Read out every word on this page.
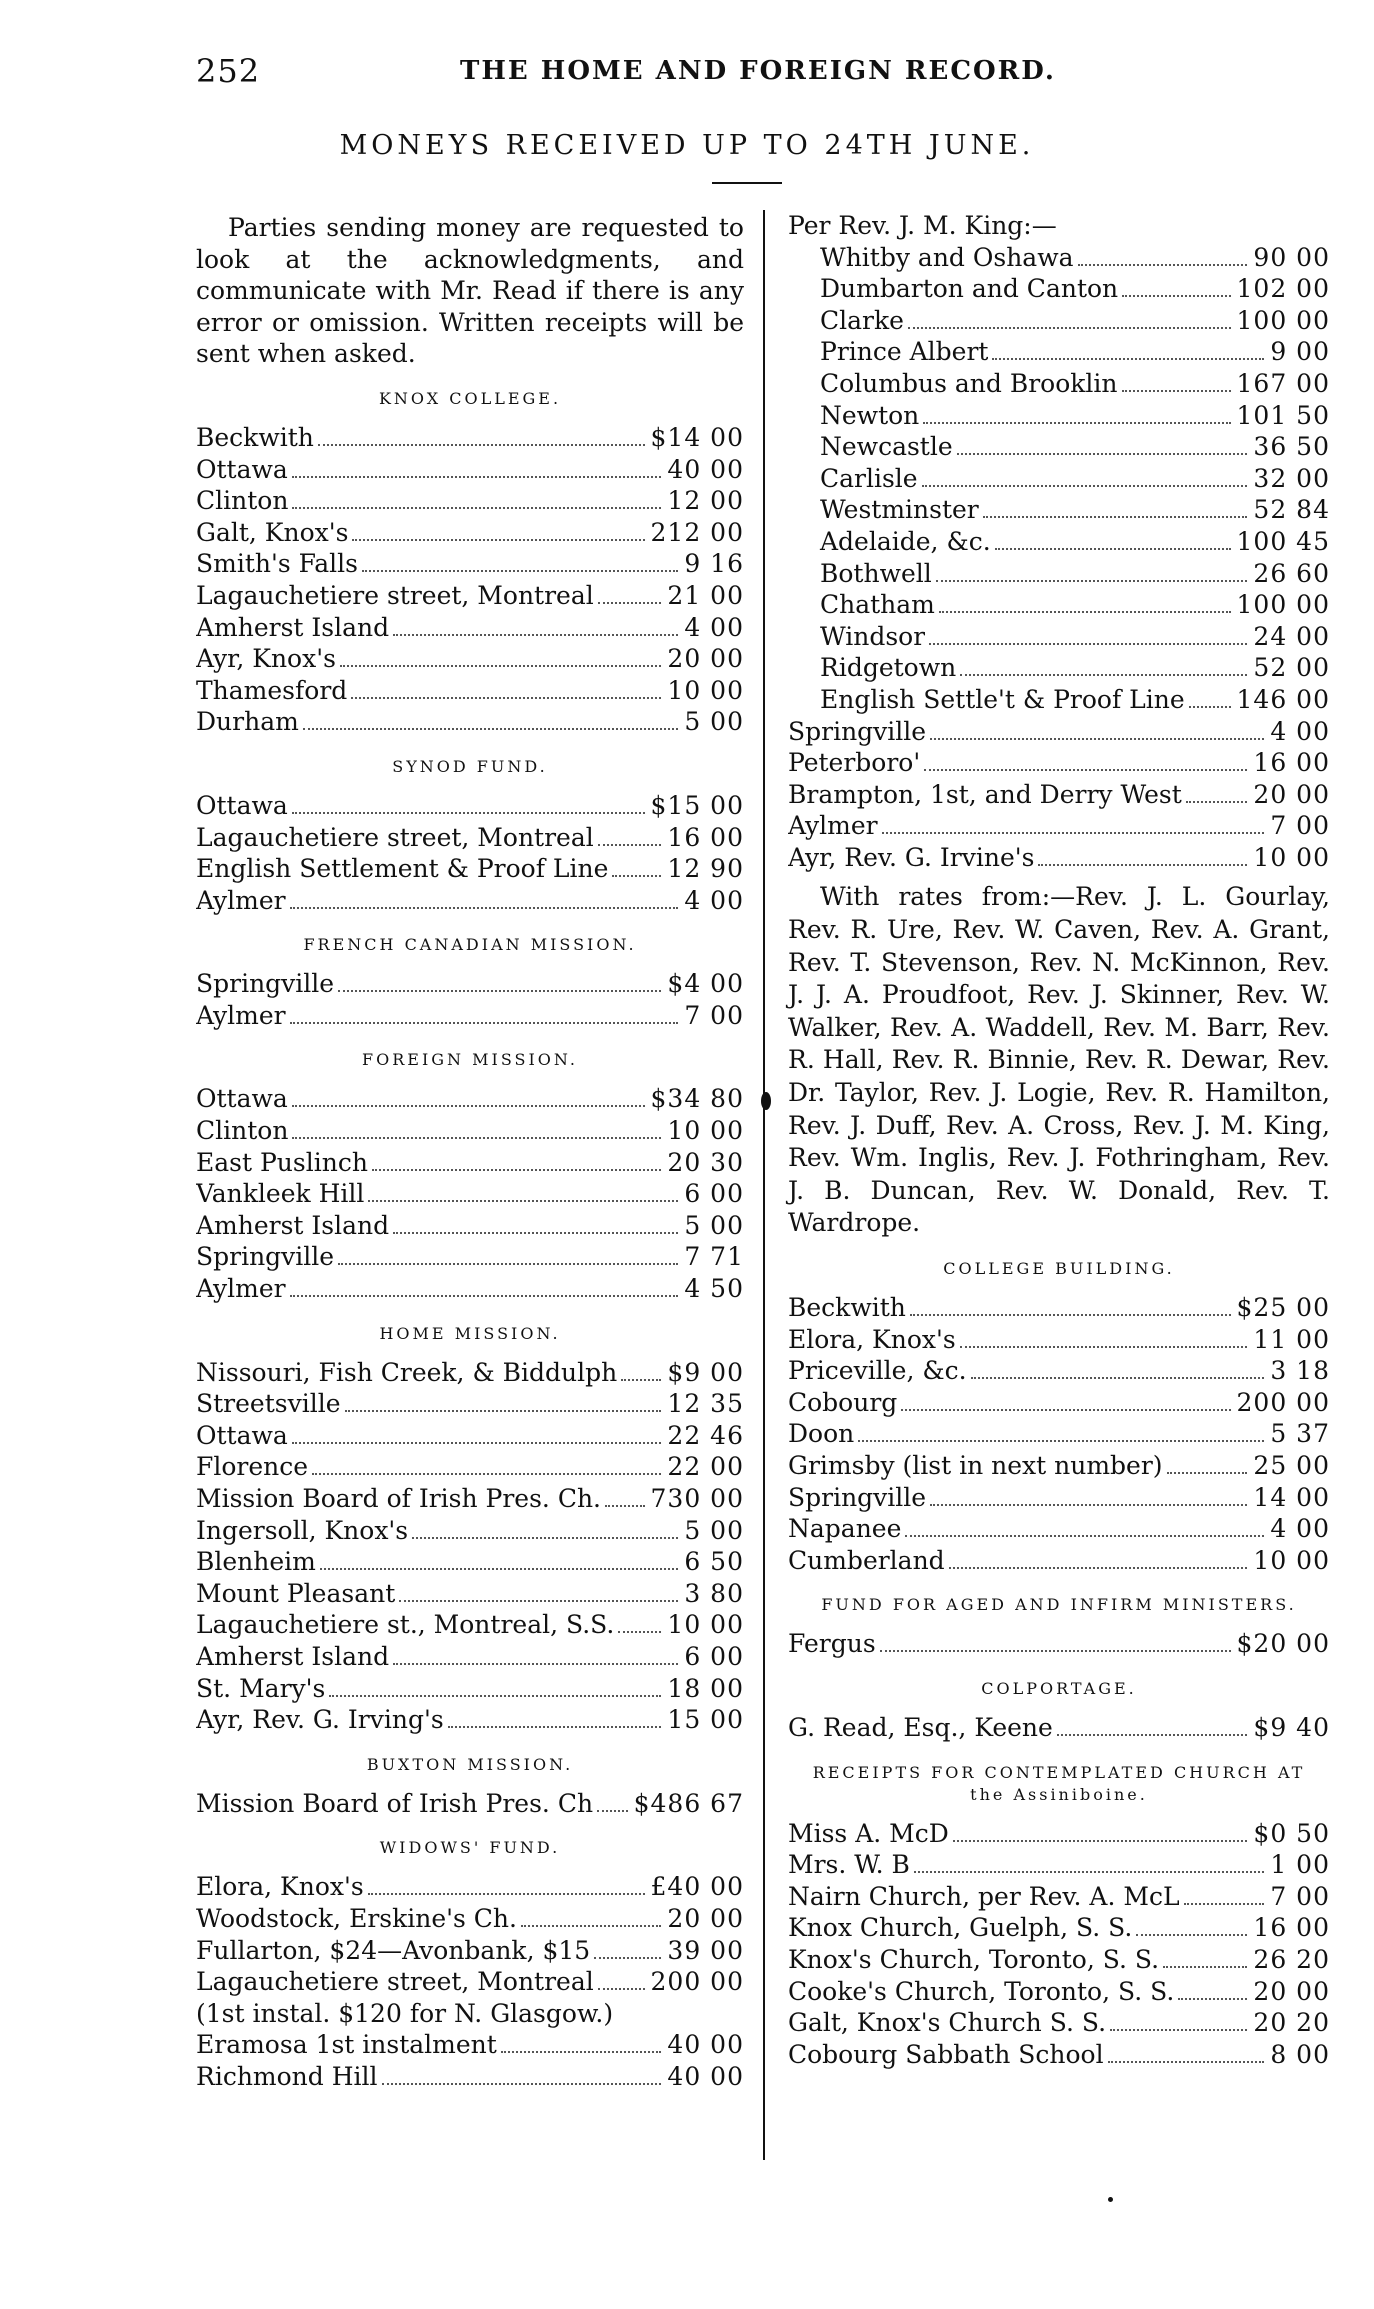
252	THE HOME AND FOREIGN RECORD.
MONEYS RECEIVED UP TO 24TH JUNE.

Parties sending money are requested to look at the acknowledgments, and communicate with Mr. Read if there is any error or omission. Written receipts will be sent when asked.

KNOX COLLEGE.
Beckwith	$14 00
Ottawa	40 00
Clinton	12 00
Galt, Knox's	212 00
Smith's Falls	9 16
Lagauchetiere street, Montreal	21 00
Amherst Island	4 00
Ayr, Knox's	20 00
Thamesford	10 00
Durham	5 00
SYNOD FUND.
Ottawa	$15 00
Lagauchetiere street, Montreal	16 00
English Settlement & Proof Line 12 90
Aylmer	4 00
FRENCH CANADIAN MISSION.
Springville	$4 00
Aylmer	7 00
FOREIGN MISSION.
Ottawa	$34 80
Clinton	10 00
East Puslinch	20 30
Vankleek Hill	6 00
Amherst Island	5 00
Springville	7 71
Aylmer	4 50
HOME MISSION.
Nissouri, Fish Creek, & Biddulph $9 00
Streetsville	12 35
Ottawa	22 46
Florence	22 00
Mission Board of Irish Pres. Ch. 730 00
Ingersoll, Knox's	5 00
Blenheim	6 50
Mount Pleasant	3 80
Lagauchetiere st., Montreal, S.S. 10 00
Amherst Island	6 00
St. Mary's	18 00
Ayr, Rev. G. Irving's	15 00
BUXTON MISSION.
Mission Board of Irish Pres. Ch $486 67
WIDOWS' FUND.
Elora, Knox's	£40 00
Woodstock, Erskine's Ch.	20 00
Fullarton, $24—Avonbank, $15	39 00
Lagauchetiere street, Montreal 200 00
(1st instal. $120 for N. Glasgow.)
Eramosa 1st instalment	40 00
Richmond Hill	40 00
Per Rev. J. M. King:—
Whitby and Oshawa	90 00
Dumbarton and Canton	102 00
Clarke	100 00
Prince Albert	9 00
Columbus and Brooklin	167 00
Newton	101 50
Newcastle	36 50
Carlisle	32 00
Westminster	52 84
Adelaide, &c.	100 45
Bothwell	26 60
Chatham	100 00
Windsor	24 00
Ridgetown	52 00
English Settle't & Proof Line 146 00
Springville	4 00
Peterboro'	16 00
Brampton, 1st, and Derry West	20 00
Aylmer	7 00
Ayr, Rev. G. Irvine's	10 00

With rates from:—Rev. J. L. Gourlay, Rev. R. Ure, Rev. W. Caven, Rev. A. Grant, Rev. T. Stevenson, Rev. N. McKinnon, Rev. J. J. A. Proudfoot, Rev. J. Skinner, Rev. W. Walker, Rev. A. Waddell, Rev. M. Barr, Rev. R. Hall, Rev. R. Binnie, Rev. R. Dewar, Rev. Dr. Taylor, Rev. J. Logie, Rev. R. Hamilton, Rev. J. Duff, Rev. A. Cross, Rev. J. M. King, Rev. Wm. Inglis, Rev. J. Fothringham, Rev. J. B. Duncan, Rev. W. Donald, Rev. T. Wardrope.

COLLEGE BUILDING.
Beckwith	$25 00
Elora, Knox's	11 00
Priceville, &c.	3 18
Cobourg	200 00
Doon	5 37
Grimsby (list in next number)	25 00
Springville	14 00
Napanee	4 00
Cumberland	10 00
FUND FOR AGED AND INFIRM MINISTERS.
Fergus	$20 00
COLPORTAGE.
G. Read, Esq., Keene	$9 40
RECEIPTS FOR CONTEMPLATED CHURCH AT
the Assiniboine.
Miss A. McD	$0 50
Mrs. W. B	1 00
Nairn Church, per Rev. A. McL	7 00
Knox Church, Guelph, S. S.	16 00
Knox's Church, Toronto, S. S.	26 20
Cooke's Church, Toronto, S. S.	20 00
Galt, Knox's Church S. S.	20 20
Cobourg Sabbath School	8 00
